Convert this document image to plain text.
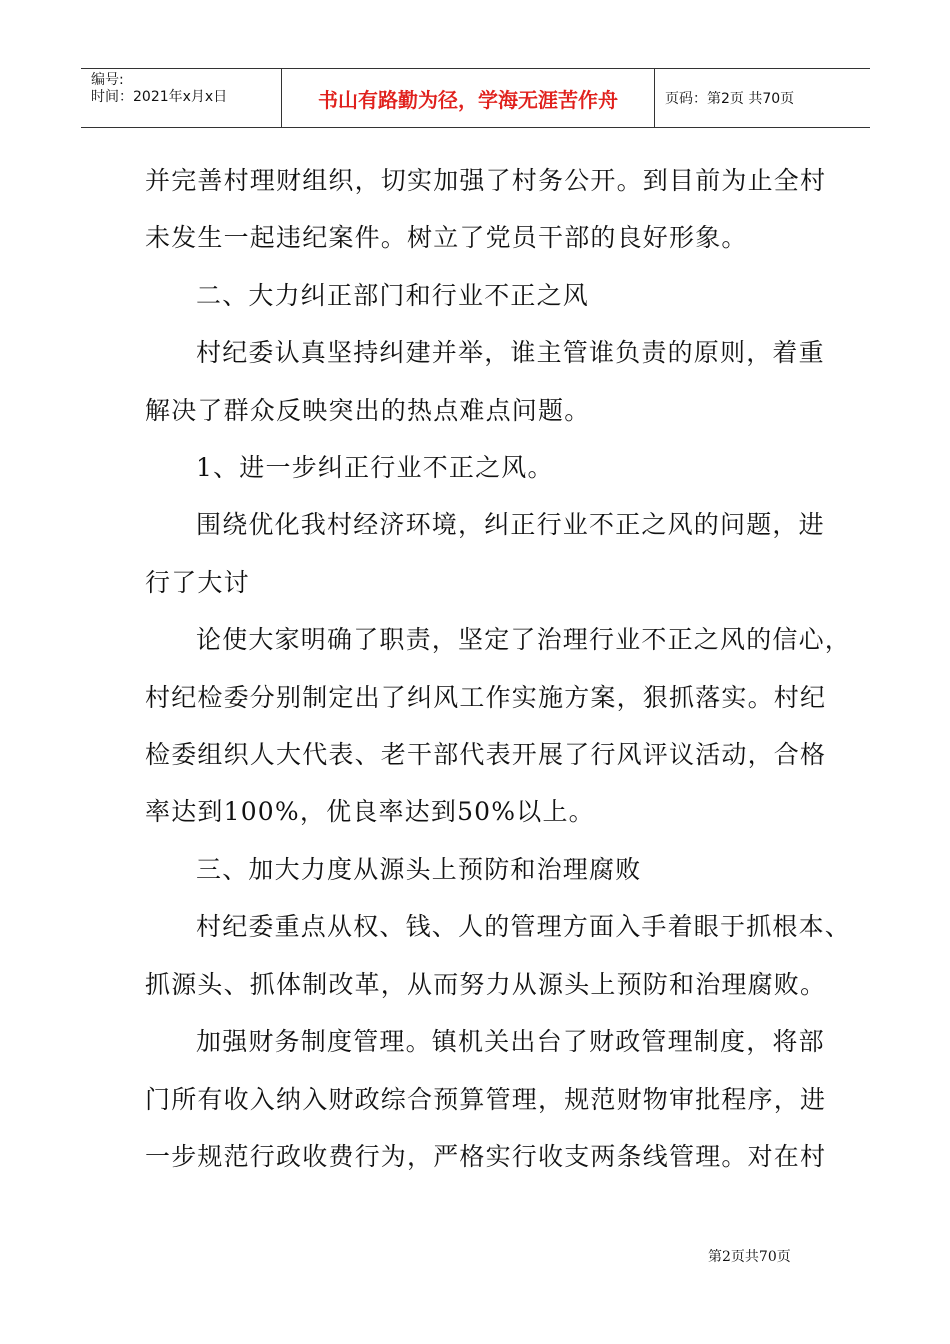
编号:
时间：2021年x月x日	书山有路勤为径，学海无涯苦作舟	页码：第2页 共70页

并完善村理财组织，切实加强了村务公开。到目前为止全村

未发生一起违纪案件。树立了党员干部的良好形象。

二、大力纠正部门和行业不正之风

村纪委认真坚持纠建并举，谁主管谁负责的原则，着重

解决了群众反映突出的热点难点问题。

1、进一步纠正行业不正之风。

围绕优化我村经济环境，纠正行业不正之风的问题，进

行了大讨

论使大家明确了职责，坚定了治理行业不正之风的信心，

村纪检委分别制定出了纠风工作实施方案，狠抓落实。村纪

检委组织人大代表、老干部代表开展了行风评议活动，合格

率达到100%，优良率达到50%以上。

三、加大力度从源头上预防和治理腐败

村纪委重点从权、钱、人的管理方面入手着眼于抓根本、

抓源头、抓体制改革，从而努力从源头上预防和治理腐败。

加强财务制度管理。镇机关出台了财政管理制度，将部

门所有收入纳入财政综合预算管理，规范财物审批程序，进

一步规范行政收费行为，严格实行收支两条线管理。对在村

第2页共70页
